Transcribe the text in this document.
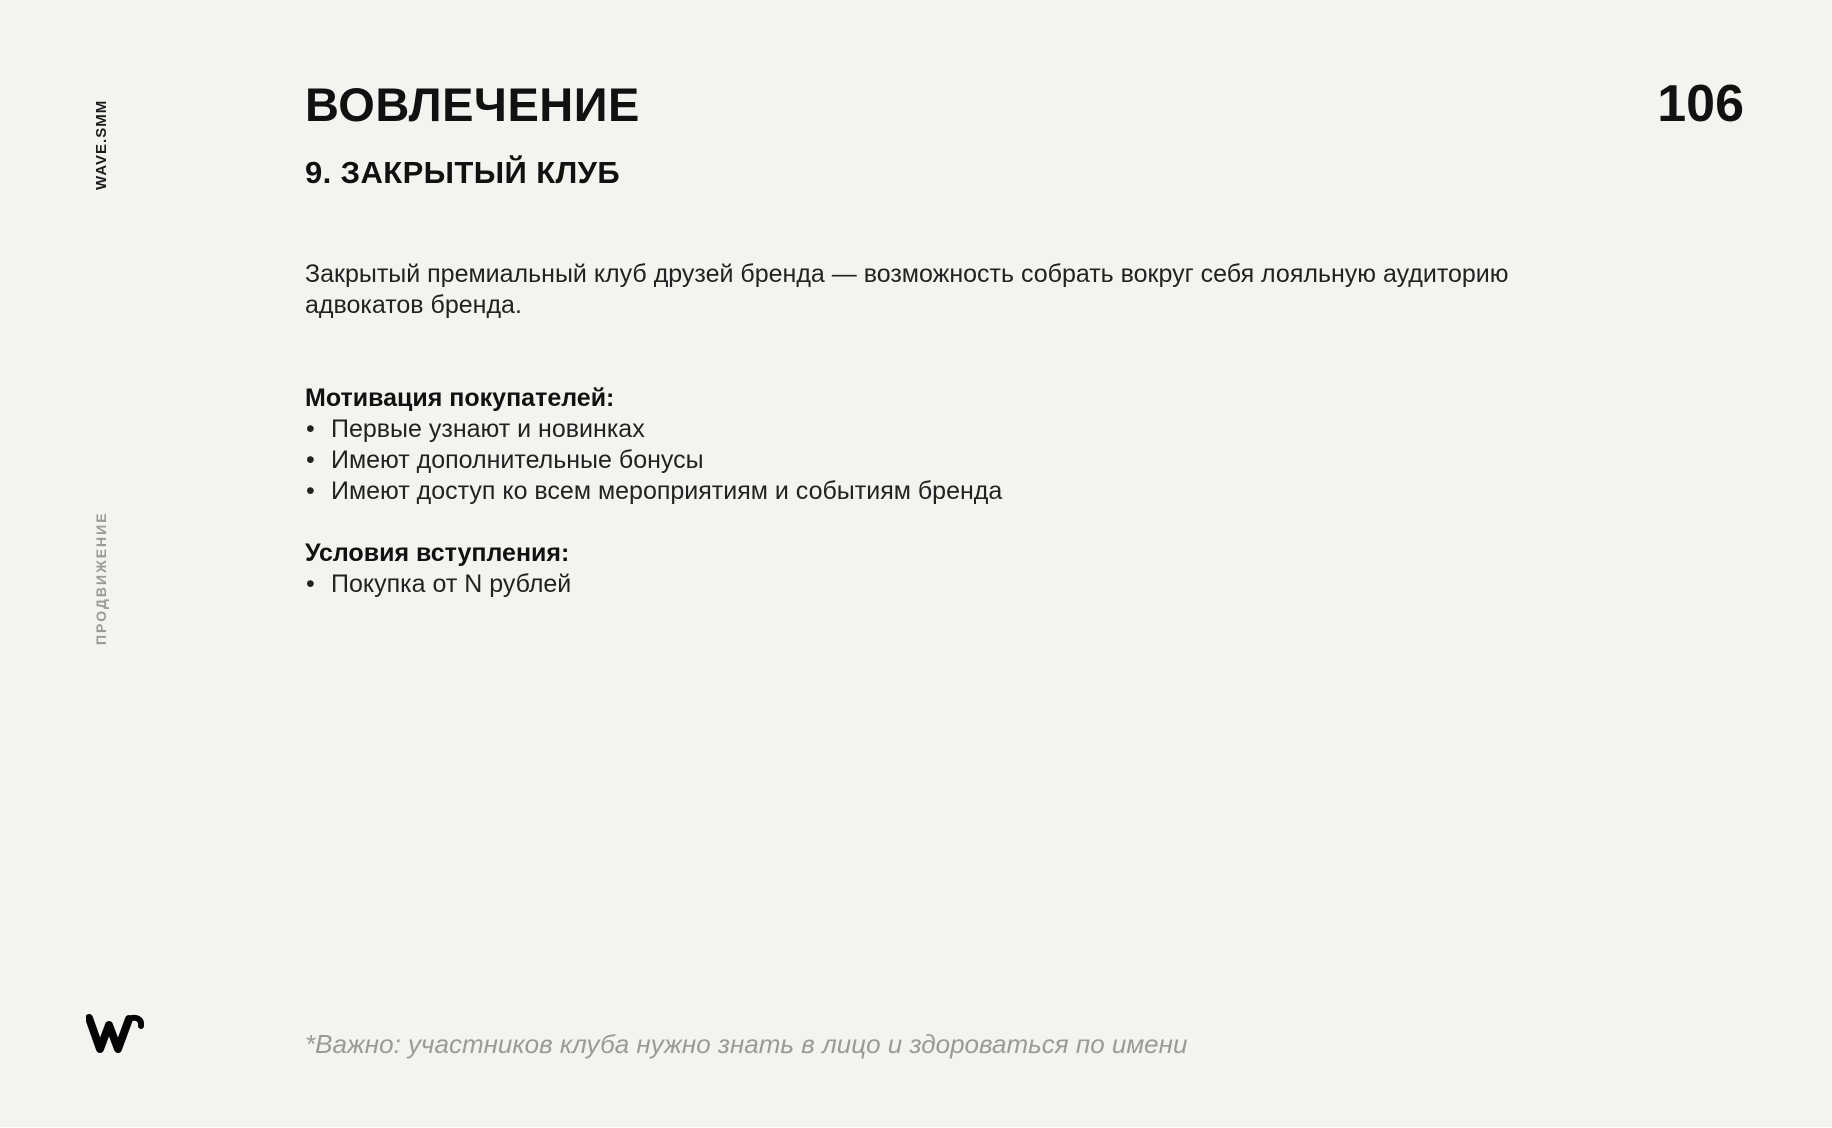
WAVE.SMM
ПРОДВИЖЕНИЕ
ВОВЛЕЧЕНИЕ	106
9. ЗАКРЫТЫЙ КЛУБ

Закрытый премиальный клуб друзей бренда — возможность собрать вокруг себя лояльную аудиторию адвокатов бренда.

Мотивация покупателей:
• Первые узнают и новинках
• Имеют дополнительные бонусы
• Имеют доступ ко всем мероприятиям и событиям бренда
Условия вступления:
• Покупка от N рублей

*Важно: участников клуба нужно знать в лицо и здороваться по имени
